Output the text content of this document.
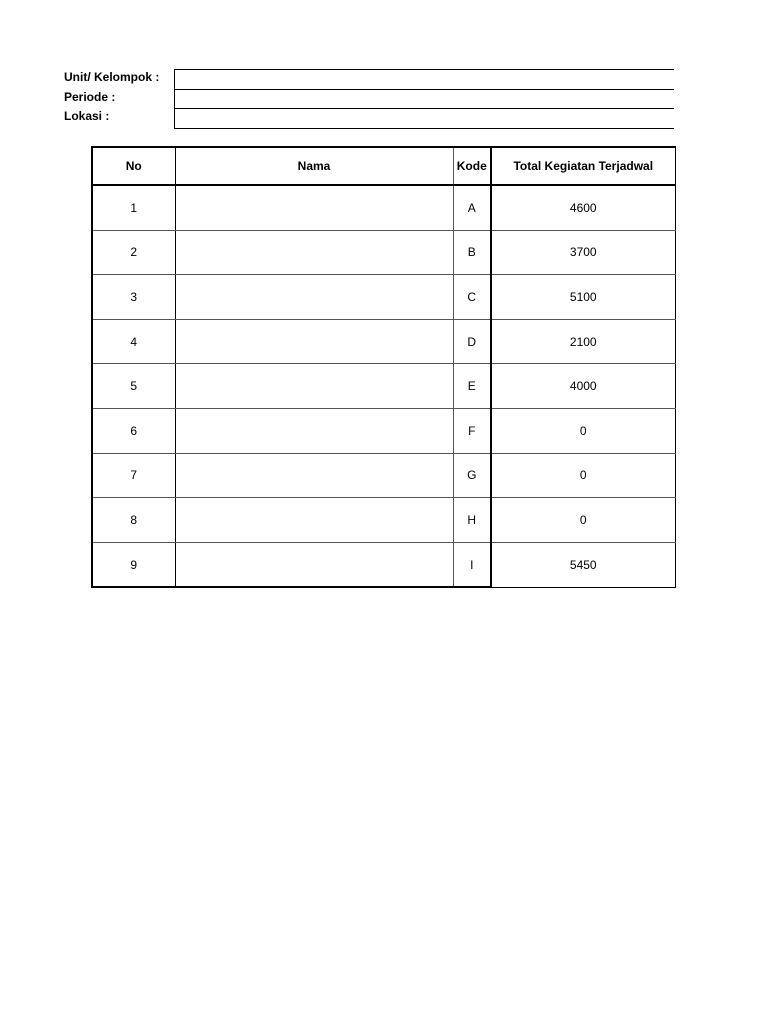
Unit/ Kelompok :
Periode :
Lokasi :
No	Nama	Kode	Total Kegiatan Terjadwal
1		A	4600
2		B	3700
3		C	5100
4		D	2100
5		E	4000
6		F	0
7		G	0
8		H	0
9		I	5450
